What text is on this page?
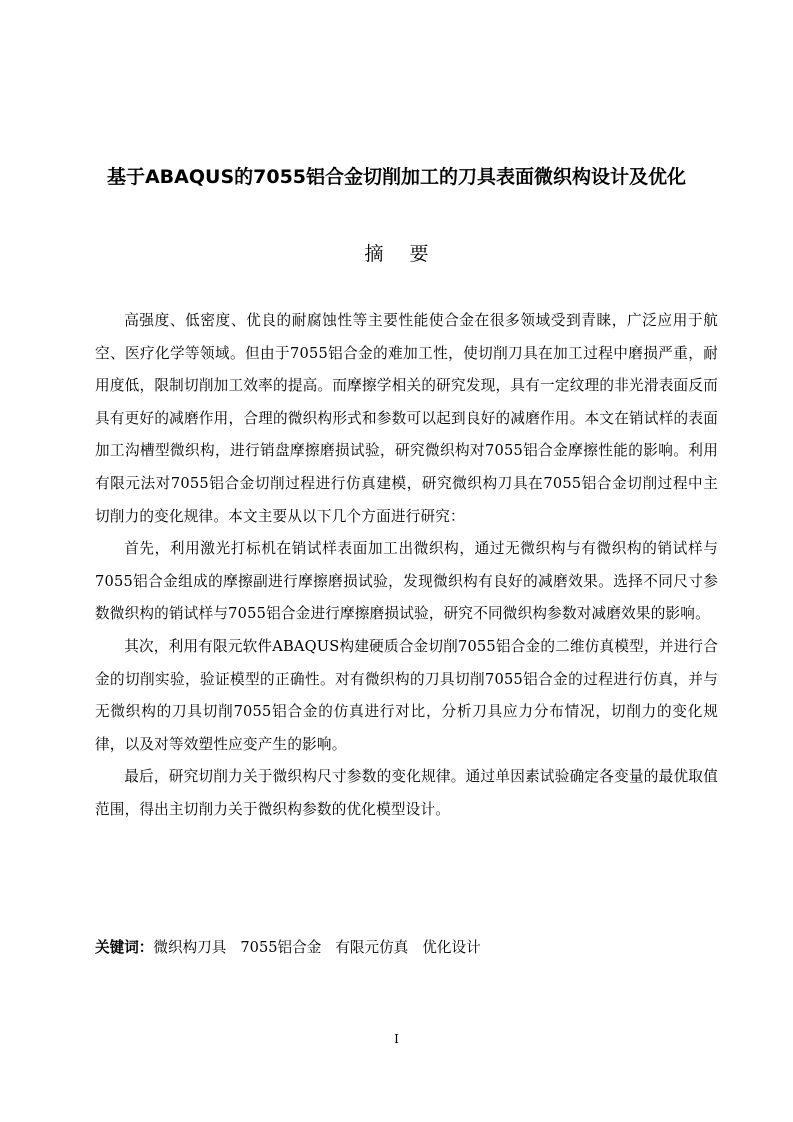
基于ABAQUS的7055铝合金切削加工的刀具表面微织构设计及优化
摘 要

高强度、低密度、优良的耐腐蚀性等主要性能使合金在很多领域受到青睐，广泛应用于航空、医疗化学等领域。但由于7055铝合金的难加工性，使切削刀具在加工过程中磨损严重，耐用度低，限制切削加工效率的提高。而摩擦学相关的研究发现，具有一定纹理的非光滑表面反而具有更好的减磨作用，合理的微织构形式和参数可以起到良好的减磨作用。本文在销试样的表面加工沟槽型微织构，进行销盘摩擦磨损试验，研究微织构对7055铝合金摩擦性能的影响。利用有限元法对7055铝合金切削过程进行仿真建模，研究微织构刀具在7055铝合金切削过程中主切削力的变化规律。本文主要从以下几个方面进行研究：

首先，利用激光打标机在销试样表面加工出微织构，通过无微织构与有微织构的销试样与7055铝合金组成的摩擦副进行摩擦磨损试验，发现微织构有良好的减磨效果。选择不同尺寸参数微织构的销试样与7055铝合金进行摩擦磨损试验，研究不同微织构参数对减磨效果的影响。

其次，利用有限元软件ABAQUS构建硬质合金切削7055铝合金的二维仿真模型，并进行合金的切削实验，验证模型的正确性。对有微织构的刀具切削7055铝合金的过程进行仿真，并与无微织构的刀具切削7055铝合金的仿真进行对比，分析刀具应力分布情况，切削力的变化规律，以及对等效塑性应变产生的影响。

最后，研究切削力关于微织构尺寸参数的变化规律。通过单因素试验确定各变量的最优取值范围，得出主切削力关于微织构参数的优化模型设计。

关键词：微织构刀具 7055铝合金 有限元仿真 优化设计
I
